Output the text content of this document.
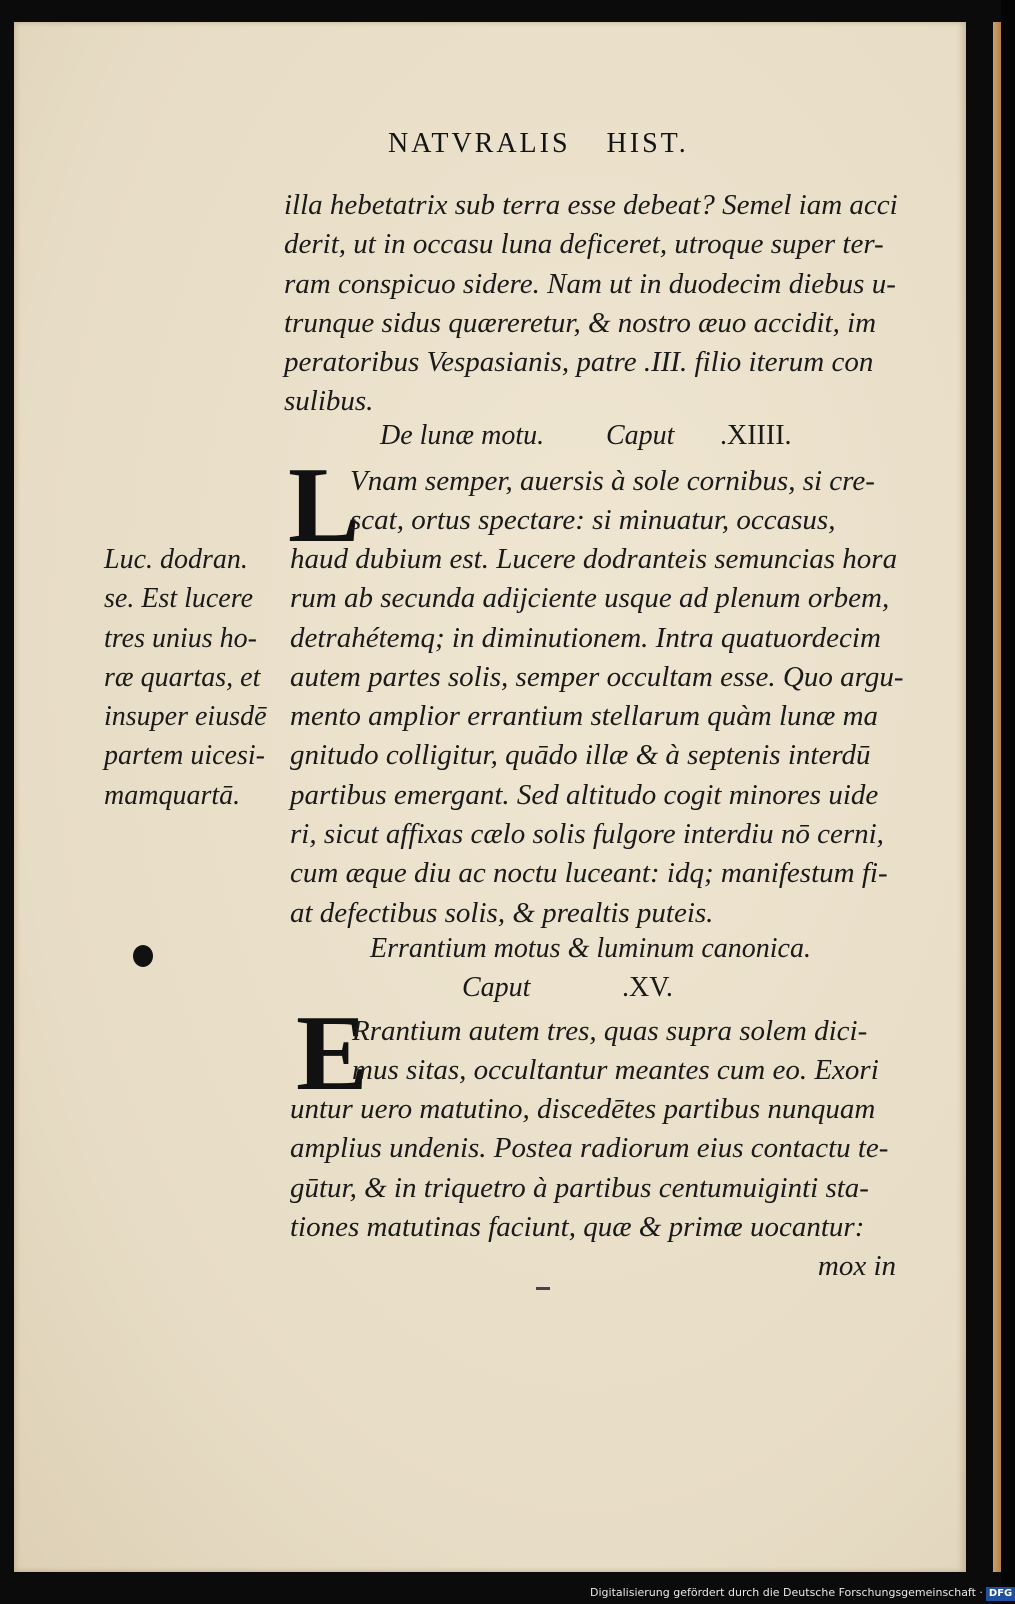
NATVRALIS HIST.
illa hebetatrix sub terra esse debeat? Semel iam acci
derit, ut in occasu luna deficeret, utroque super ter-
ram conspicuo sidere. Nam ut in duodecim diebus u-
trunque sidus quæreretur, & nostro æuo accidit, im
peratoribus Vespasianis, patre .III. filio iterum con
sulibus.
De lunæ motu. Caput .XIIII.
L
Vnam semper, auersis à sole cornibus, si cre-
scat, ortus spectare: si minuatur, occasus,
haud dubium est. Lucere dodranteis semuncias hora
rum ab secunda adijciente usque ad plenum orbem,
detrahétemq; in diminutionem. Intra quatuordecim
autem partes solis, semper occultam esse. Quo argu-
mento amplior errantium stellarum quàm lunæ ma
gnitudo colligitur, quādo illæ & à septenis interdū
partibus emergant. Sed altitudo cogit minores uide
ri, sicut affixas cælo solis fulgore interdiu nō cerni,
cum æque diu ac noctu luceant: idq; manifestum fi-
at defectibus solis, & prealtis puteis.
Luc. dodran.
se. Est lucere
tres unius ho-
ræ quartas, et
insuper eiusdē
partem uicesi-
mamquartā.
Errantium motus & luminum canonica.
Caput	.XV.
E
Rrantium autem tres, quas supra solem dici-
mus sitas, occultantur meantes cum eo. Exori
untur uero matutino, discedētes partibus nunquam
amplius undenis. Postea radiorum eius contactu te-
gūtur, & in triquetro à partibus centumuiginti sta-
tiones matutinas faciunt, quæ & primæ uocantur:
mox in
Digitalisierung gefördert durch die Deutsche Forschungsgemeinschaft · DFG
